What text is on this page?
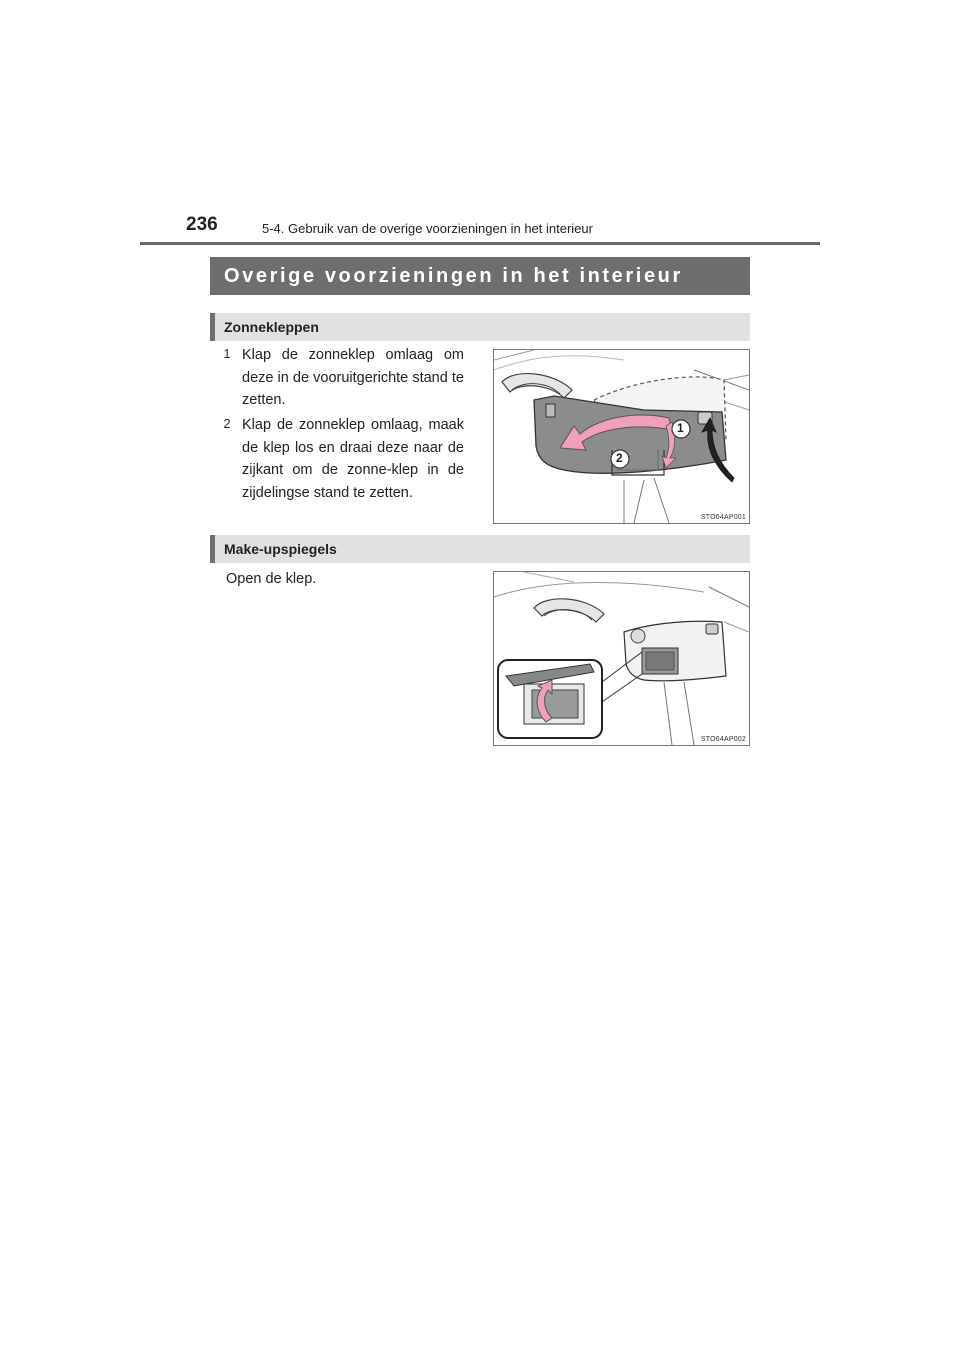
236	5-4. Gebruik van de overige voorzieningen in het interieur
Overige voorzieningen in het interieur
Zonnekleppen
1 Klap de zonneklep omlaag om deze in de vooruitgerichte stand te zetten.
2 Klap de zonneklep omlaag, maak de klep los en draai deze naar de zijkant om de zonne-klep in de zijdelingse stand te zetten.
1
2
STO64AP001
Make-upspiegels
Open de klep.
STO64AP002
